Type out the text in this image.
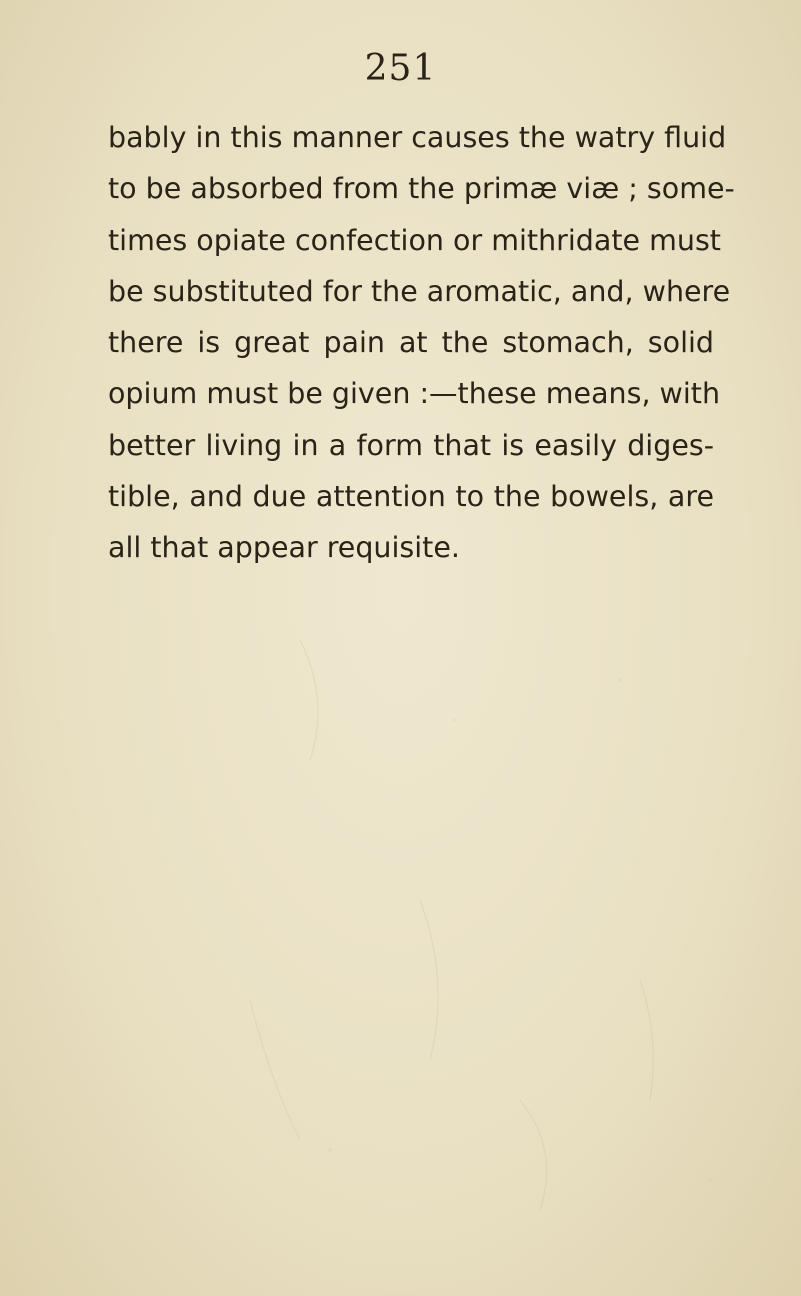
251
bably in this manner causes the watry fluid
to be absorbed from the primæ viæ ; some-
times opiate confection or mithridate must
be substituted for the aromatic, and, where
there is great pain at the stomach, solid
opium must be given :—these means, with
better living in a form that is easily diges-
tible, and due attention to the bowels, are
all that appear requisite.
